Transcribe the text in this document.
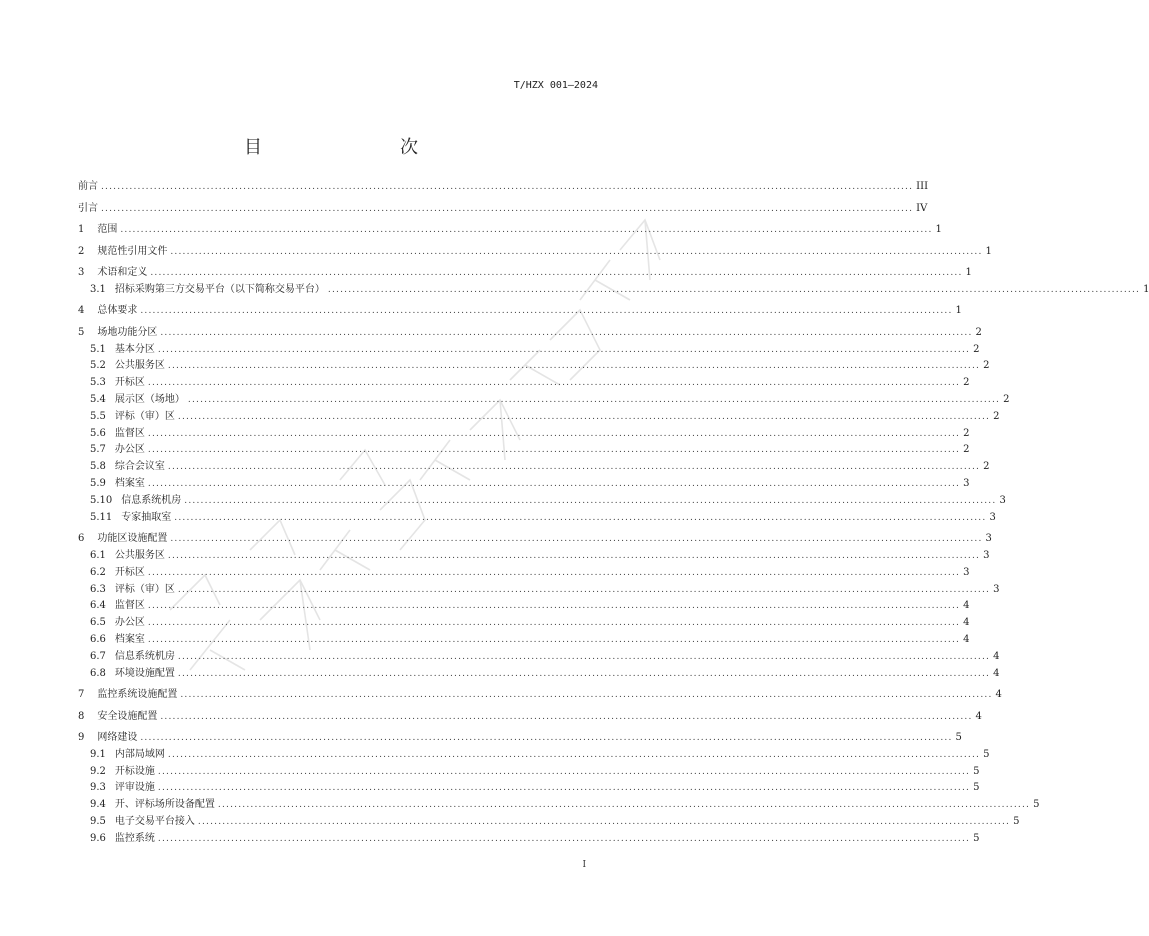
T/HZX 001—2024
目　　次
前言 ........................................................................................................................................................................................................ III
引言 ........................................................................................................................................................................................................ IV
1 范围 ........................................................................................................................................................................................................ 1
2 规范性引用文件 ........................................................................................................................................................................................................ 1
3 术语和定义 ........................................................................................................................................................................................................ 1
3.1 招标采购第三方交易平台（以下简称交易平台） ........................................................................................................................................................................................................ 1
4 总体要求 ........................................................................................................................................................................................................ 1
5 场地功能分区 ........................................................................................................................................................................................................ 2
5.1 基本分区 ........................................................................................................................................................................................................ 2
5.2 公共服务区 ........................................................................................................................................................................................................ 2
5.3 开标区 ........................................................................................................................................................................................................ 2
5.4 展示区（场地） ........................................................................................................................................................................................................ 2
5.5 评标（审）区 ........................................................................................................................................................................................................ 2
5.6 监督区 ........................................................................................................................................................................................................ 2
5.7 办公区 ........................................................................................................................................................................................................ 2
5.8 综合会议室 ........................................................................................................................................................................................................ 2
5.9 档案室 ........................................................................................................................................................................................................ 3
5.10 信息系统机房 ........................................................................................................................................................................................................ 3
5.11 专家抽取室 ........................................................................................................................................................................................................ 3
6 功能区设施配置 ........................................................................................................................................................................................................ 3
6.1 公共服务区 ........................................................................................................................................................................................................ 3
6.2 开标区 ........................................................................................................................................................................................................ 3
6.3 评标（审）区 ........................................................................................................................................................................................................ 3
6.4 监督区 ........................................................................................................................................................................................................ 4
6.5 办公区 ........................................................................................................................................................................................................ 4
6.6 档案室 ........................................................................................................................................................................................................ 4
6.7 信息系统机房 ........................................................................................................................................................................................................ 4
6.8 环境设施配置 ........................................................................................................................................................................................................ 4
7 监控系统设施配置 ........................................................................................................................................................................................................ 4
8 安全设施配置 ........................................................................................................................................................................................................ 4
9 网络建设 ........................................................................................................................................................................................................ 5
9.1 内部局域网 ........................................................................................................................................................................................................ 5
9.2 开标设施 ........................................................................................................................................................................................................ 5
9.3 评审设施 ........................................................................................................................................................................................................ 5
9.4 开、评标场所设备配置 ........................................................................................................................................................................................................ 5
9.5 电子交易平台接入 ........................................................................................................................................................................................................ 5
9.6 监控系统 ........................................................................................................................................................................................................ 5
I
